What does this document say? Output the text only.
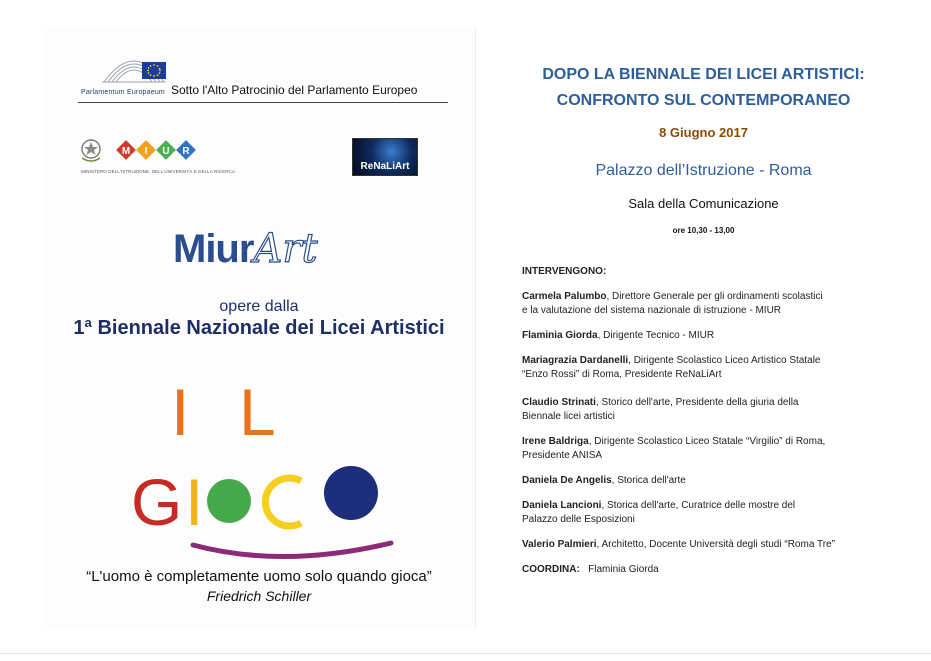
Parlamentum Europaeum Sotto l'Alto Patrocinio del Parlamento Europeo
M I U R
MINISTERO DELL'ISTRUZIONE, DELL'UNIVERSITÀ E DELLA RICERCA	ReNaLiArt
MiurArt
opere dalla
1ª Biennale Nazionale dei Licei Artistici
I L
G I
“L'uomo è completamente uomo solo quando gioca”
Friedrich Schiller
DOPO LA BIENNALE DEI LICEI ARTISTICI:
CONFRONTO SUL CONTEMPORANEO
8 Giugno 2017
Palazzo dell’Istruzione - Roma
Sala della Comunicazione
ore 10,30 - 13,00
INTERVENGONO:
Carmela Palumbo, Direttore Generale per gli ordinamenti scolastici
e la valutazione del sistema nazionale di istruzione - MIUR
Flaminia Giorda, Dirigente Tecnico - MIUR
Mariagrazia Dardanelli, Dirigente Scolastico Liceo Artistico Statale
“Enzo Rossi” di Roma, Presidente ReNaLiArt
Claudio Strinati, Storico dell'arte, Presidente della giuria della
Biennale licei artistici
Irene Baldriga, Dirigente Scolastico Liceo Statale “Virgilio” di Roma,
Presidente ANISA
Daniela De Angelis, Storica dell'arte
Daniela Lancioni, Storica dell'arte, Curatrice delle mostre del
Palazzo delle Esposizioni
Valerio Palmieri, Architetto, Docente Università degli studi “Roma Tre”
COORDINA: Flaminia Giorda
